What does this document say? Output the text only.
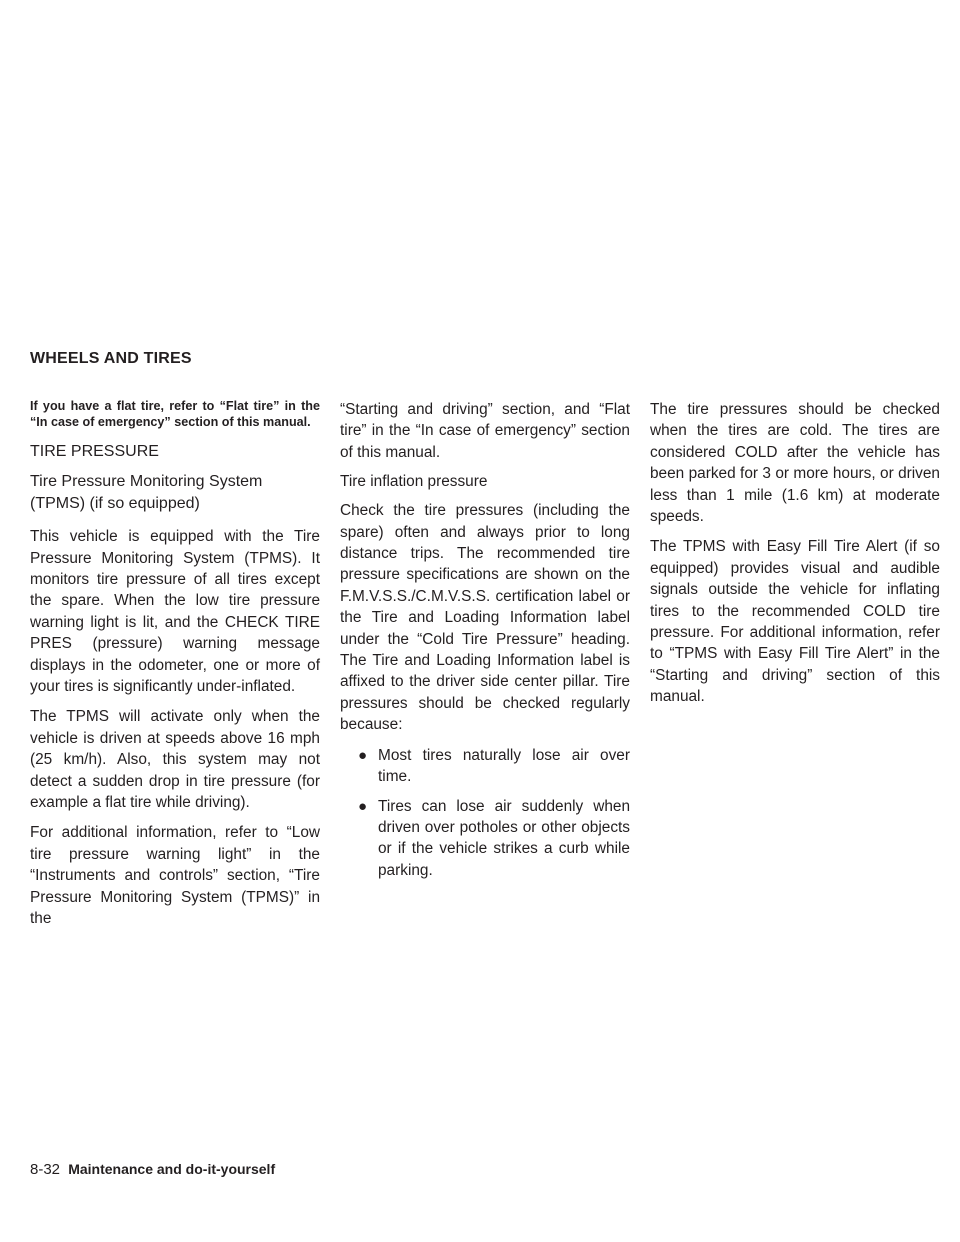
WHEELS AND TIRES

If you have a flat tire, refer to “Flat tire” in the “In case of emergency” section of this manual.

TIRE PRESSURE
Tire Pressure Monitoring System (TPMS) (if so equipped)

This vehicle is equipped with the Tire Pressure Monitoring System (TPMS). It monitors tire pressure of all tires except the spare. When the low tire pressure warning light is lit, and the CHECK TIRE PRES (pressure) warning message displays in the odometer, one or more of your tires is significantly under-inflated.

The TPMS will activate only when the vehicle is driven at speeds above 16 mph (25 km/h). Also, this system may not detect a sudden drop in tire pressure (for example a flat tire while driving).

For additional information, refer to “Low tire pressure warning light” in the “Instruments and controls” section, “Tire Pressure Monitoring System (TPMS)” in the

“Starting and driving” section, and “Flat tire” in the “In case of emergency” section of this manual.

Tire inflation pressure

Check the tire pressures (including the spare) often and always prior to long distance trips. The recommended tire pressure specifications are shown on the F.M.V.S.S./C.M.V.S.S. certification label or the Tire and Loading Information label under the “Cold Tire Pressure” heading. The Tire and Loading Information label is affixed to the driver side center pillar. Tire pressures should be checked regularly because:

● Most tires naturally lose air over time.
● Tires can lose air suddenly when driven over potholes or other objects or if the vehicle strikes a curb while parking.

The tire pressures should be checked when the tires are cold. The tires are considered COLD after the vehicle has been parked for 3 or more hours, or driven less than 1 mile (1.6 km) at moderate speeds.

The TPMS with Easy Fill Tire Alert (if so equipped) provides visual and audible signals outside the vehicle for inflating tires to the recommended COLD tire pressure. For additional information, refer to “TPMS with Easy Fill Tire Alert” in the “Starting and driving” section of this manual.

8-32 Maintenance and do-it-yourself
